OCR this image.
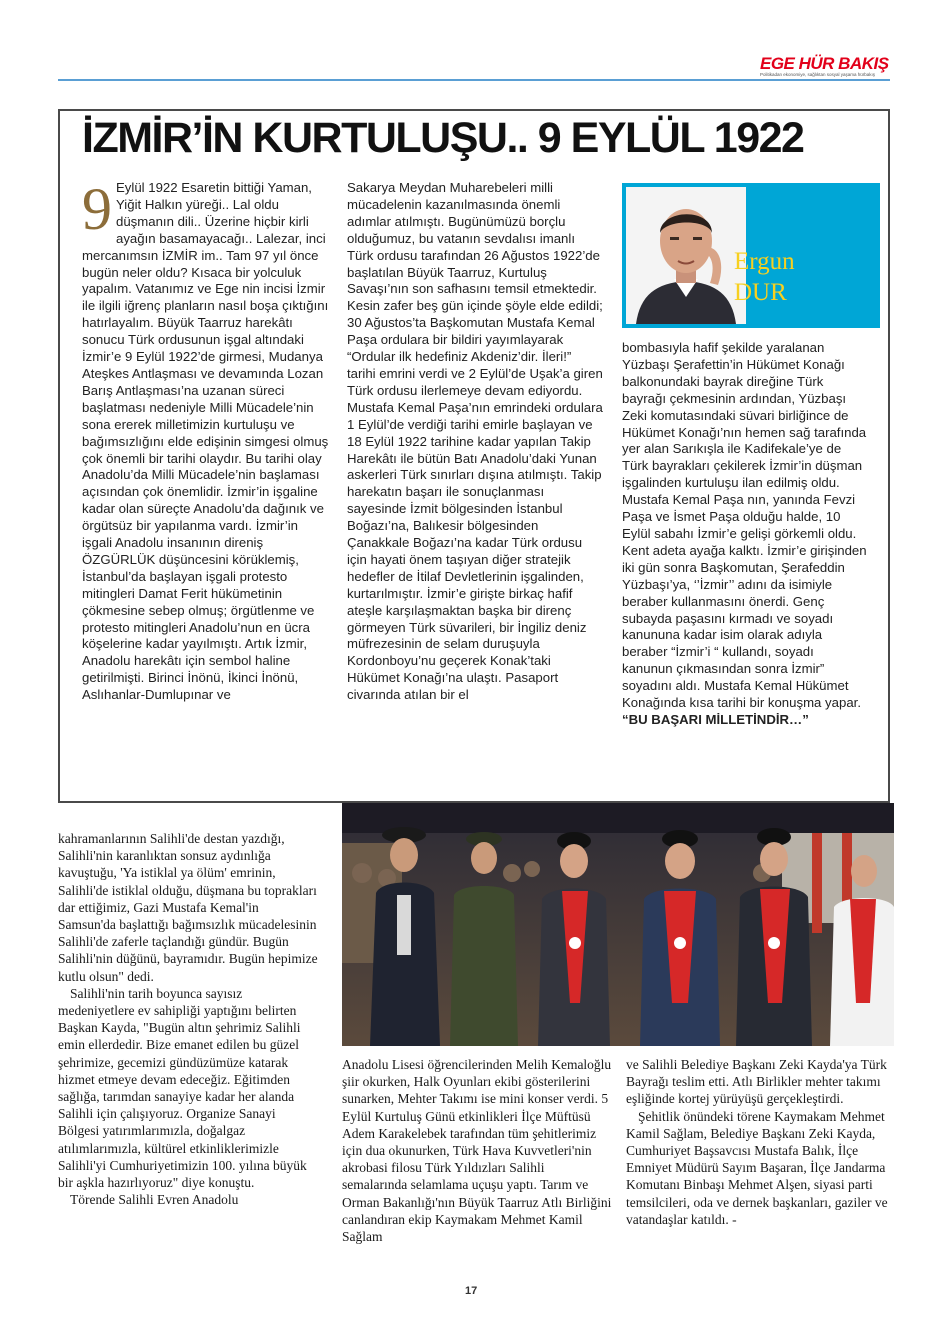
EGE HÜR BAKIŞ
Politikadan ekonomiye, sağlıktan sosyal yaşama hürbakış
İZMİR’İN KURTULUŞU.. 9 EYLÜL 1922
9 Eylül 1922 Esaretin bittiği Yaman, Yiğit Halkın yüreği.. Lal oldu düşmanın dili.. Üzerine hiçbir kirli ayağın basamayacağı.. Lalezar, inci mercanımsın İZMİR im.. Tam 97 yıl önce bugün neler oldu? Kısaca bir yolculuk yapalım. Vatanımız ve Ege nin incisi İzmir ile ilgili iğrenç planların nasıl boşa çıktığını hatırlayalım. Büyük Taarruz harekâtı sonucu Türk ordusunun işgal altındaki İzmir’e 9 Eylül 1922’de girmesi, Mudanya Ateşkes Antlaşması ve devamında Lozan Barış Antlaşması’na uzanan süreci başlatması nedeniyle Milli Mücadele’nin sona ererek milletimizin kurtuluşu ve bağımsızlığını elde edişinin simgesi olmuş çok önemli bir tarihi olaydır. Bu tarihi olay Anadolu’da Milli Mücadele’nin başlaması açısından çok önemlidir. İzmir’in işgaline kadar olan süreçte Anadolu’da dağınık ve örgütsüz bir yapılanma vardı. İzmir’in işgali Anadolu insanının direniş ÖZGÜRLÜK düşüncesini körüklemiş, İstanbul’da başlayan işgali protesto mitingleri Damat Ferit hükümetinin çökmesine sebep olmuş; örgütlenme ve protesto mitingleri Anadolu’nun en ücra köşelerine kadar yayılmıştı. Artık İzmir, Anadolu harekâtı için sembol haline getirilmişti. Birinci İnönü, İkinci İnönü, Aslıhanlar-Dumlupınar ve

Sakarya Meydan Muharebeleri milli mücadelenin kazanılmasında önemli adımlar atılmıştı. Bugünümüzü borçlu olduğumuz, bu vatanın sevdalısı imanlı Türk ordusu tarafından 26 Ağustos 1922’de başlatılan Büyük Taarruz, Kurtuluş Savaşı’nın son safhasını temsil etmektedir. Kesin zafer beş gün içinde şöyle elde edildi; 30 Ağustos’ta Başkomutan Mustafa Kemal Paşa ordulara bir bildiri yayımlayarak “Ordular ilk hedefiniz Akdeniz’dir. İleri!” tarihi emrini verdi ve 2 Eylül’de Uşak’a giren Türk ordusu ilerlemeye devam ediyordu. Mustafa Kemal Paşa’nın emrindeki ordulara 1 Eylül’de verdiği tarihi emirle başlayan ve 18 Eylül 1922 tarihine kadar yapılan Takip Harekâtı ile bütün Batı Anadolu’daki Yunan askerleri Türk sınırları dışına atılmıştı. Takip harekatın başarı ile sonuçlanması sayesinde İzmit bölgesinden İstanbul Boğazı’na, Balıkesir bölgesinden Çanakkale Boğazı’na kadar Türk ordusu için hayati önem taşıyan diğer stratejik hedefler de İtilaf Devletlerinin işgalinden, kurtarılmıştır. İzmir’e girişte birkaç hafif ateşle karşılaşmaktan başka bir direnç görmeyen Türk süvarileri, bir İngiliz deniz müfrezesinin de selam duruşuyla Kordonboyu’nu geçerek Konak’taki Hükümet Konağı’na ulaştı. Pasaport civarında atılan bir el

Ergun
DUR

bombasıyla hafif şekilde yaralanan Yüzbaşı Şerafettin’in Hükümet Konağı balkonundaki bayrak direğine Türk bayrağı çekmesinin ardından, Yüzbaşı Zeki komutasındaki süvari birliğince de Hükümet Konağı’nın hemen sağ tarafında yer alan Sarıkışla ile Kadifekale’ye de Türk bayrakları çekilerek İzmir’in düşman işgalinden kurtuluşu ilan edilmiş oldu. Mustafa Kemal Paşa nın, yanında Fevzi Paşa ve İsmet Paşa olduğu halde, 10 Eylül sabahı İzmir’e gelişi görkemli oldu. Kent adeta ayağa kalktı. İzmir’e girişinden iki gün sonra Başkomutan, Şerafeddin Yüzbaşı’ya, ‘’İzmir’’ adını da isimiyle beraber kullanmasını önerdi. Genç subayda paşasını kırmadı ve soyadı kanununa kadar isim olarak adıyla beraber “İzmir’i “ kullandı, soyadı kanunun çıkmasından sonra İzmir” soyadını aldı. Mustafa Kemal Hükümet Konağında kısa tarihi bir konuşma yapar. “BU BAŞARI MİLLETİNDİR…”

kahramanlarının Salihli'de destan yazdığı, Salihli'nin karanlıktan sonsuz aydınlığa kavuştuğu, 'Ya istiklal ya ölüm' emrinin, Salihli'de istiklal olduğu, düşmana bu toprakları dar ettiğimiz, Gazi Mustafa Kemal'in Samsun'da başlattığı bağımsızlık mücadelesinin Salihli'de zaferle taçlandığı gündür. Bugün Salihli'nin düğünü, bayramıdır. Bugün hepimize kutlu olsun" dedi.

Salihli'nin tarih boyunca sayısız medeniyetlere ev sahipliği yaptığını belirten Başkan Kayda, "Bugün altın şehrimiz Salihli emin ellerdedir. Bize emanet edilen bu güzel şehrimize, gecemizi gündüzümüze katarak hizmet etmeye devam edeceğiz. Eğitimden sağlığa, tarımdan sanayiye kadar her alanda Salihli için çalışıyoruz. Organize Sanayi Bölgesi yatırımlarımızla, doğalgaz atılımlarımızla, kültürel etkinliklerimizle Salihli'yi Cumhuriyetimizin 100. yılına büyük bir aşkla hazırlıyoruz" diye konuştu.

Törende Salihli Evren Anadolu

Anadolu Lisesi öğrencilerinden Melih Kemaloğlu şiir okurken, Halk Oyunları ekibi gösterilerini sunarken, Mehter Takımı ise mini konser verdi. 5 Eylül Kurtuluş Günü etkinlikleri İlçe Müftüsü Adem Karakelebek tarafından tüm şehitlerimiz için dua okunurken, Türk Hava Kuvvetleri'nin akrobasi filosu Türk Yıldızları Salihli semalarında selamlama uçuşu yaptı. Tarım ve Orman Bakanlığı'nın Büyük Taarruz Atlı Birliğini canlandıran ekip Kaymakam Mehmet Kamil Sağlam

ve Salihli Belediye Başkanı Zeki Kayda'ya Türk Bayrağı teslim etti. Atlı Birlikler mehter takımı eşliğinde kortej yürüyüşü gerçekleştirdi.

Şehitlik önündeki törene Kaymakam Mehmet Kamil Sağlam, Belediye Başkanı Zeki Kayda, Cumhuriyet Başsavcısı Mustafa Balık, İlçe Emniyet Müdürü Sayım Başaran, İlçe Jandarma Komutanı Binbaşı Mehmet Alşen, siyasi parti temsilcileri, oda ve dernek başkanları, gaziler ve vatandaşlar katıldı. -

17
